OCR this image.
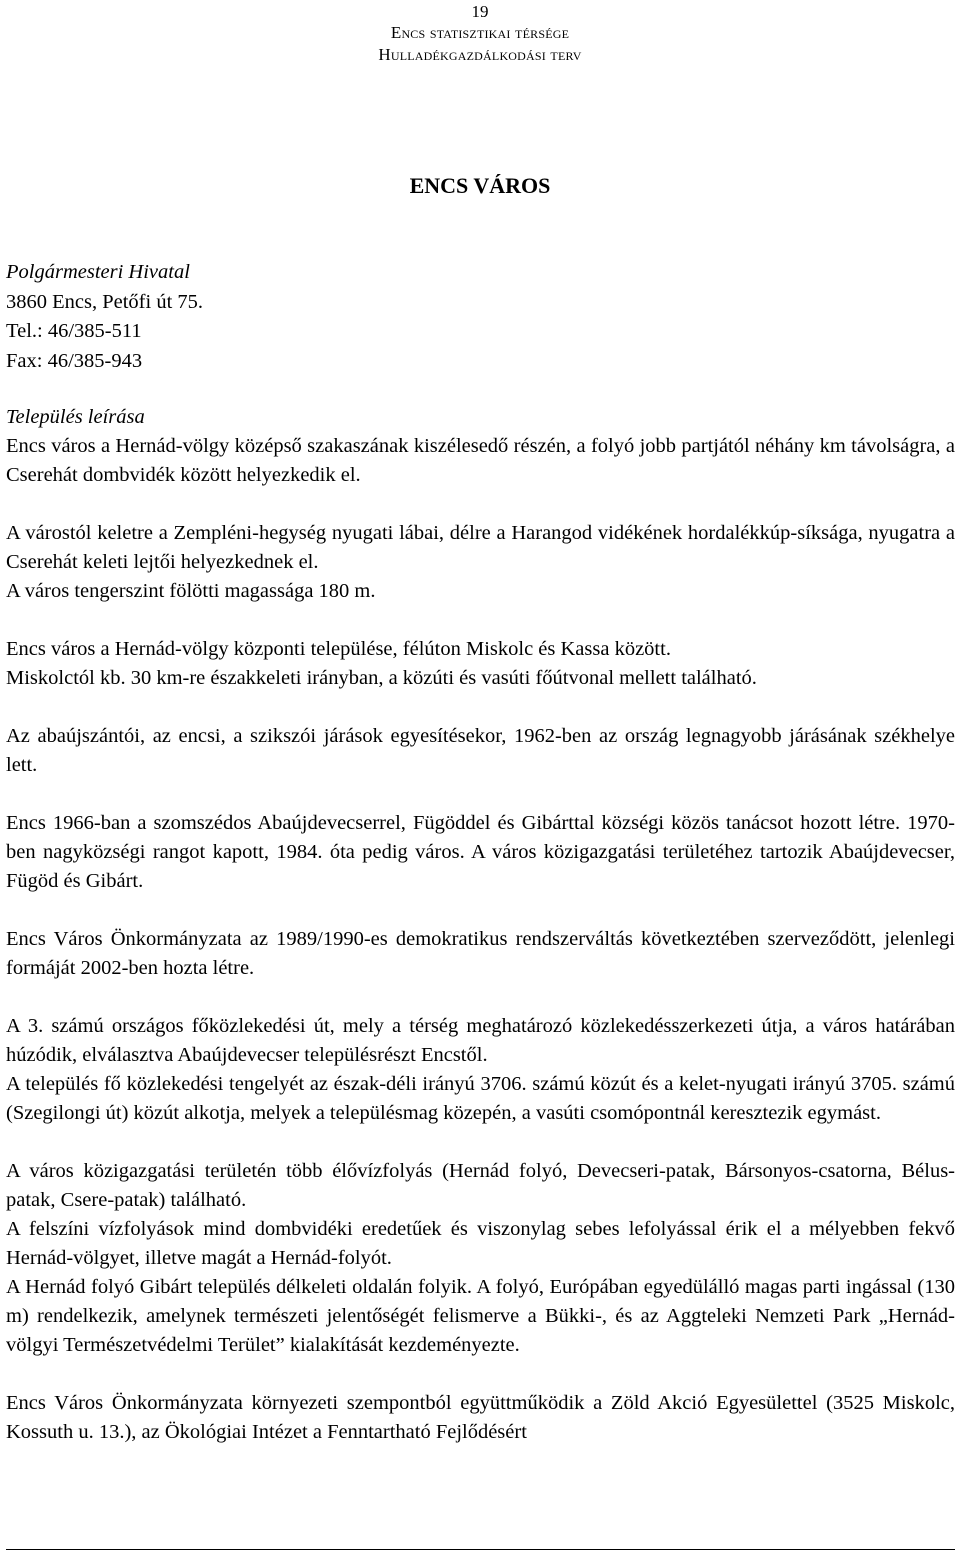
19
Encs statisztikai térsége
Hulladékgazdálkodási terv
ENCS VÁROS
Polgármesteri Hivatal
3860 Encs, Petőfi út 75.
Tel.: 46/385-511
Fax: 46/385-943

Település leírása

Encs város a Hernád-völgy középső szakaszának kiszélesedő részén, a folyó jobb partjától néhány km távolságra, a Cserehát dombvidék között helyezkedik el.

A várostól keletre a Zempléni-hegység nyugati lábai, délre a Harangod vidékének hordalékkúp-síksága, nyugatra a Cserehát keleti lejtői helyezkednek el.

A város tengerszint fölötti magassága 180 m.

Encs város a Hernád-völgy központi települése, félúton Miskolc és Kassa között.

Miskolctól kb. 30 km-re északkeleti irányban, a közúti és vasúti főútvonal mellett található.

Az abaújszántói, az encsi, a szikszói járások egyesítésekor, 1962-ben az ország legnagyobb járásának székhelye lett.

Encs 1966-ban a szomszédos Abaújdevecserrel, Fügöddel és Gibárttal községi közös tanácsot hozott létre. 1970-ben nagyközségi rangot kapott, 1984. óta pedig város. A város közigazgatási területéhez tartozik Abaújdevecser, Fügöd és Gibárt.

Encs Város Önkormányzata az 1989/1990-es demokratikus rendszerváltás következtében szerveződött, jelenlegi formáját 2002-ben hozta létre.

A 3. számú országos főközlekedési út, mely a térség meghatározó közlekedésszerkezeti útja, a város határában húzódik, elválasztva Abaújdevecser településrészt Encstől.

A település fő közlekedési tengelyét az észak-déli irányú 3706. számú közút és a kelet-nyugati irányú 3705. számú (Szegilongi út) közút alkotja, melyek a településmag közepén, a vasúti csomópontnál keresztezik egymást.

A város közigazgatási területén több élővízfolyás (Hernád folyó, Devecseri-patak, Bársonyos-csatorna, Bélus-patak, Csere-patak) található.

A felszíni vízfolyások mind dombvidéki eredetűek és viszonylag sebes lefolyással érik el a mélyebben fekvő Hernád-völgyet, illetve magát a Hernád-folyót.

A Hernád folyó Gibárt település délkeleti oldalán folyik. A folyó, Európában egyedülálló magas parti ingással (130 m) rendelkezik, amelynek természeti jelentőségét felismerve a Bükki-, és az Aggteleki Nemzeti Park „Hernád-völgyi Természetvédelmi Terület” kialakítását kezdeményezte.

Encs Város Önkormányzata környezeti szempontból együttműködik a Zöld Akció Egyesülettel (3525 Miskolc, Kossuth u. 13.), az Ökológiai Intézet a Fenntartható Fejlődésért
